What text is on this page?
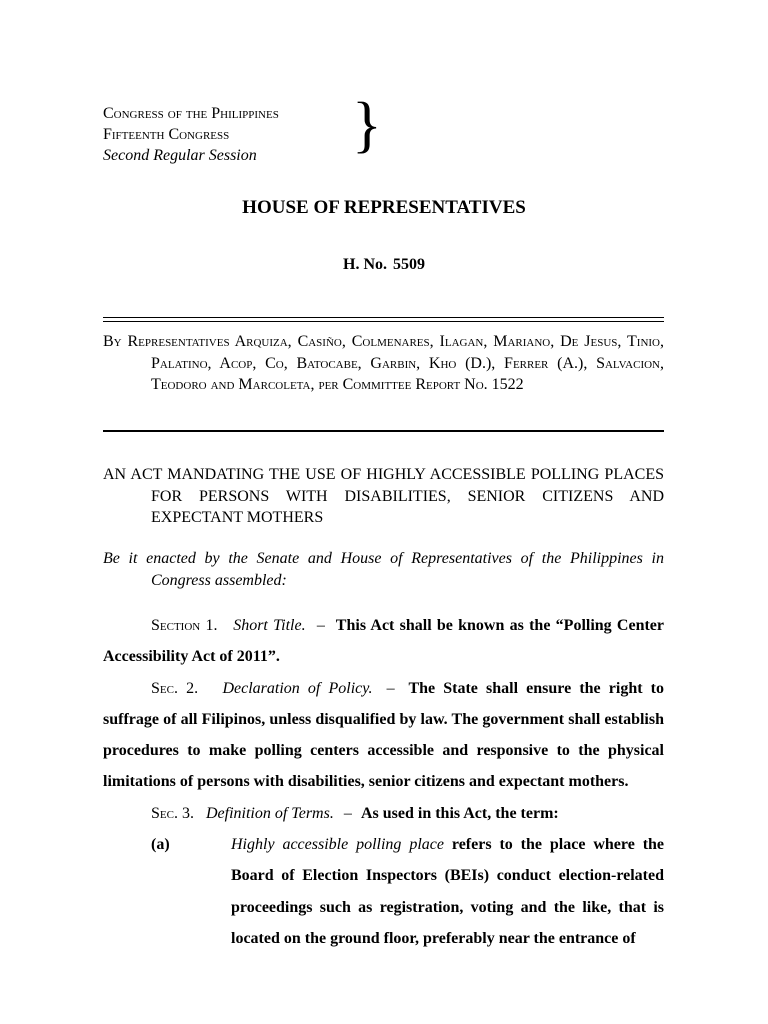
Congress of the Philippines
Fifteenth Congress
Second Regular Session	}
HOUSE OF REPRESENTATIVES
H. No. 5509
By Representatives Arquiza, Casiño, Colmenares, Ilagan, Mariano, De Jesus, Tinio, Palatino, Acop, Co, Batocabe, Garbin, Kho (D.), Ferrer (A.), Salvacion, Teodoro and Marcoleta, per Committee Report No. 1522
AN ACT MANDATING THE USE OF HIGHLY ACCESSIBLE POLLING PLACES FOR PERSONS WITH DISABILITIES, SENIOR CITIZENS AND EXPECTANT MOTHERS
Be it enacted by the Senate and House of Representatives of the Philippines in Congress assembled:

Section 1. Short Title. – This Act shall be known as the “Polling Center Accessibility Act of 2011”.

Sec. 2. Declaration of Policy. – The State shall ensure the right to suffrage of all Filipinos, unless disqualified by law. The government shall establish procedures to make polling centers accessible and responsive to the physical limitations of persons with disabilities, senior citizens and expectant mothers.

Sec. 3. Definition of Terms. – As used in this Act, the term:

(a)	Highly accessible polling place refers to the place where the Board of Election Inspectors (BEIs) conduct election-related proceedings such as registration, voting and the like, that is located on the ground floor, preferably near the entrance of
